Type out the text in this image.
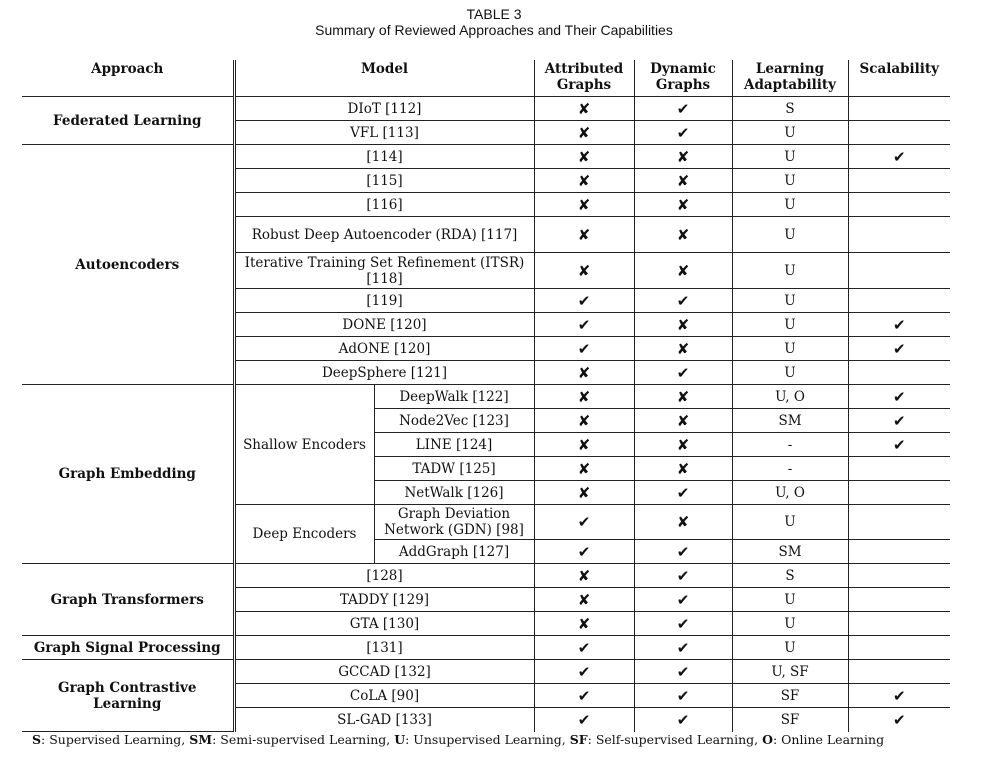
TABLE 3
Summary of Reviewed Approaches and Their Capabilities
Approach	Model		Attributed Graphs	Dynamic Graphs	Learning Adaptability	Scalability
Federated Learning	DIoT [112]		✘	✔	S	
	VFL [113]		✘	✔	U	
Autoencoders	[114]		✘	✘	U	✔
	[115]		✘	✘	U	
	[116]		✘	✘	U	
	Robust Deep Autoencoder (RDA) [117]		✘	✘	U	
	Iterative Training Set Refinement (ITSR) [118]		✘	✘	U	
	[119]		✔	✔	U	
	DONE [120]		✔	✘	U	✔
	AdONE [120]		✔	✘	U	✔
	DeepSphere [121]		✘	✔	U	
Graph Embedding	Shallow Encoders	DeepWalk [122]	✘	✘	U, O	✔
		Node2Vec [123]	✘	✘	SM	✔
		LINE [124]	✘	✘	-	✔
		TADW [125]	✘	✘	-	
		NetWalk [126]	✘	✔	U, O	
	Deep Encoders	Graph Deviation Network (GDN) [98]	✔	✘	U	
		AddGraph [127]	✔	✔	SM	
Graph Transformers	[128]		✘	✔	S	
	TADDY [129]		✘	✔	U	
	GTA [130]		✘	✔	U	
Graph Signal Processing	[131]		✔	✔	U	
Graph Contrastive Learning	GCCAD [132]		✔	✔	U, SF	
	CoLA [90]		✔	✔	SF	✔
	SL-GAD [133]		✔	✔	SF	✔
S: Supervised Learning, SM: Semi-supervised Learning, U: Unsupervised Learning, SF: Self-supervised Learning, O: Online Learning
